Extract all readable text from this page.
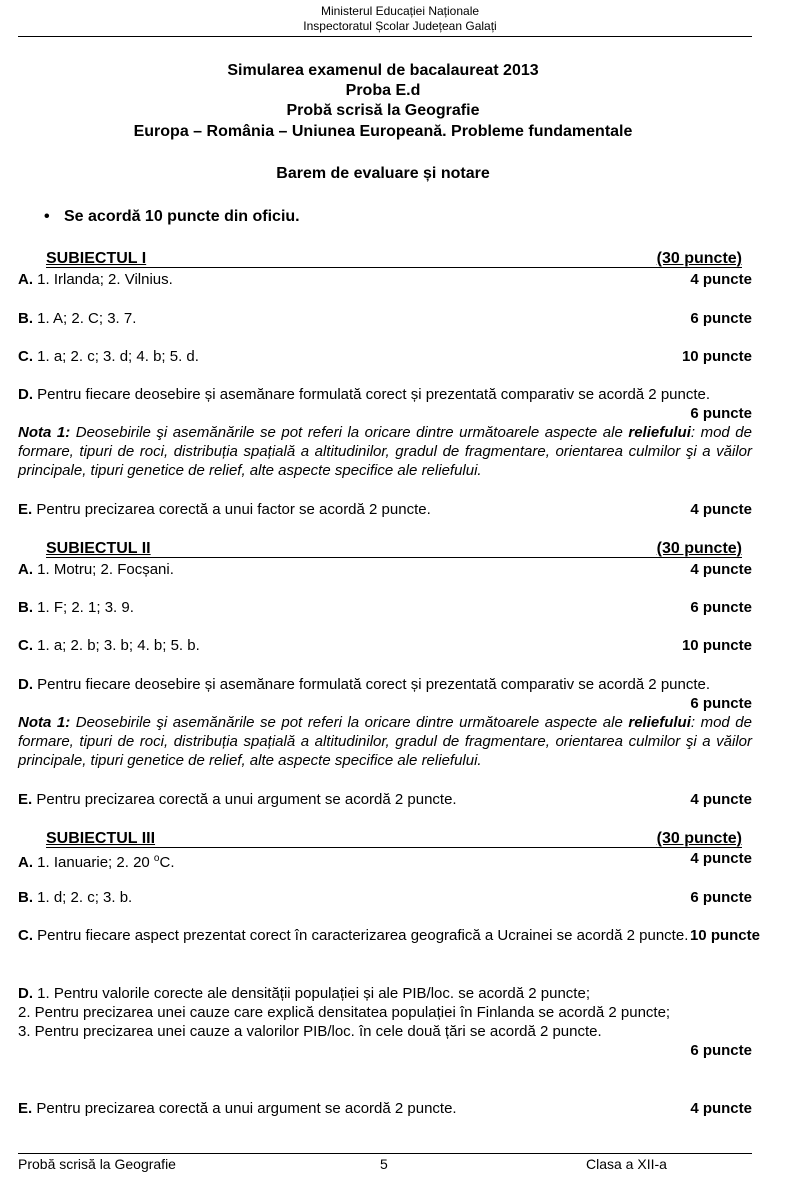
Ministerul Educației Naționale
Inspectoratul Școlar Județean Galați
Simularea examenul de bacalaureat 2013
Proba E.d
Probă scrisă la Geografie
Europa – România – Uniunea Europeană. Probleme fundamentale
Barem de evaluare și notare
• Se acordă 10 puncte din oficiu.
SUBIECTUL I	(30 puncte)
A. 1. Irlanda; 2. Vilnius.	4 puncte
B. 1. A; 2. C; 3. 7.	6 puncte
C. 1. a; 2. c; 3. d; 4. b; 5. d.	10 puncte
D. Pentru fiecare deosebire și asemănare formulată corect și prezentată comparativ se acordă 2 puncte.
6 puncte
Nota 1: Deosebirile şi asemănările se pot referi la oricare dintre următoarele aspecte ale reliefului: mod de formare, tipuri de roci, distribuția spațială a altitudinilor, gradul de fragmentare, orientarea culmilor şi a văilor principale, tipuri genetice de relief, alte aspecte specifice ale reliefului.
E. Pentru precizarea corectă a unui factor se acordă 2 puncte.	4 puncte
SUBIECTUL II	(30 puncte)
A. 1. Motru; 2. Focșani.	4 puncte
B. 1. F; 2. 1; 3. 9.	6 puncte
C. 1. a; 2. b; 3. b; 4. b; 5. b.	10 puncte
D. Pentru fiecare deosebire și asemănare formulată corect și prezentată comparativ se acordă 2 puncte.
6 puncte
Nota 1: Deosebirile şi asemănările se pot referi la oricare dintre următoarele aspecte ale reliefului: mod de formare, tipuri de roci, distribuția spațială a altitudinilor, gradul de fragmentare, orientarea culmilor şi a văilor principale, tipuri genetice de relief, alte aspecte specifice ale reliefului.
E. Pentru precizarea corectă a unui argument se acordă 2 puncte.	4 puncte
SUBIECTUL III	(30 puncte)
A. 1. Ianuarie; 2. 20 $^o$C.	4 puncte
B. 1. d; 2. c; 3. b.	6 puncte
C. Pentru fiecare aspect prezentat corect în caracterizarea geografică a Ucrainei se acordă 2 puncte. 10 puncte
D. 1. Pentru valorile corecte ale densității populației și ale PIB/loc. se acordă 2 puncte;
2. Pentru precizarea unei cauze care explică densitatea populației în Finlanda se acordă 2 puncte;
3. Pentru precizarea unei cauze a valorilor PIB/loc. în cele două țări se acordă 2 puncte.
6 puncte
E. Pentru precizarea corectă a unui argument se acordă 2 puncte.	4 puncte
Probă scrisă la Geografie	5	Clasa a XII-a
